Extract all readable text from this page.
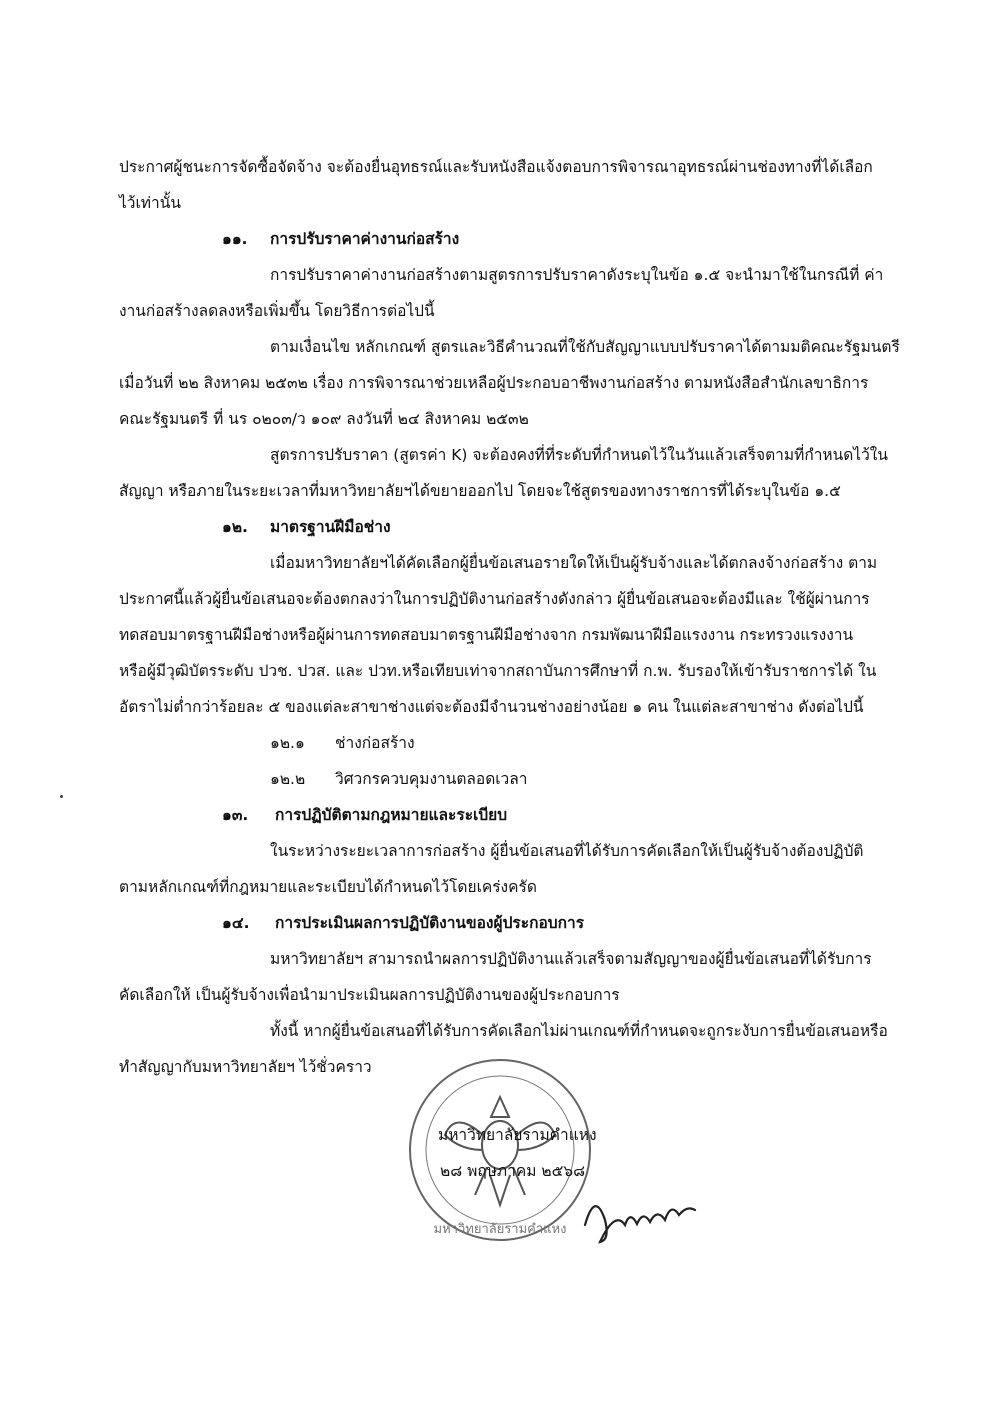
ประกาศผู้ชนะการจัดซื้อจัดจ้าง จะต้องยื่นอุทธรณ์และรับหนังสือแจ้งตอบการพิจารณาอุทธรณ์ผ่านช่องทางที่ได้เลือก
ไว้เท่านั้น
๑๑. การปรับราคาค่างานก่อสร้าง
การปรับราคาค่างานก่อสร้างตามสูตรการปรับราคาดังระบุในข้อ ๑.๕ จะนำมาใช้ในกรณีที่ ค่า
งานก่อสร้างลดลงหรือเพิ่มขึ้น โดยวิธีการต่อไปนี้
ตามเงื่อนไข หลักเกณฑ์ สูตรและวิธีคำนวณที่ใช้กับสัญญาแบบปรับราคาได้ตามมติคณะรัฐมนตรี
เมื่อวันที่ ๒๒ สิงหาคม ๒๕๓๒ เรื่อง การพิจารณาช่วยเหลือผู้ประกอบอาชีพงานก่อสร้าง ตามหนังสือสำนักเลขาธิการ
คณะรัฐมนตรี ที่ นร ๐๒๐๓/ว ๑๐๙ ลงวันที่ ๒๔ สิงหาคม ๒๕๓๒
สูตรการปรับราคา (สูตรค่า K) จะต้องคงที่ที่ระดับที่กำหนดไว้ในวันแล้วเสร็จตามที่กำหนดไว้ใน
สัญญา หรือภายในระยะเวลาที่มหาวิทยาลัยฯได้ขยายออกไป โดยจะใช้สูตรของทางราชการที่ได้ระบุในข้อ ๑.๕
๑๒. มาตรฐานฝีมือช่าง
เมื่อมหาวิทยาลัยฯได้คัดเลือกผู้ยื่นข้อเสนอรายใดให้เป็นผู้รับจ้างและได้ตกลงจ้างก่อสร้าง ตาม
ประกาศนี้แล้วผู้ยื่นข้อเสนอจะต้องตกลงว่าในการปฏิบัติงานก่อสร้างดังกล่าว ผู้ยื่นข้อเสนอจะต้องมีและ ใช้ผู้ผ่านการ
ทดสอบมาตรฐานฝีมือช่างหรือผู้ผ่านการทดสอบมาตรฐานฝีมือช่างจาก กรมพัฒนาฝีมือแรงงาน กระทรวงแรงงาน
หรือผู้มีวุฒิบัตรระดับ ปวช. ปวส. และ ปวท.หรือเทียบเท่าจากสถาบันการศึกษาที่ ก.พ. รับรองให้เข้ารับราชการได้ ใน
อัตราไม่ต่ำกว่าร้อยละ ๕ ของแต่ละสาขาช่างแต่จะต้องมีจำนวนช่างอย่างน้อย ๑ คน ในแต่ละสาขาช่าง ดังต่อไปนี้
๑๒.๑ ช่างก่อสร้าง
๑๒.๒ วิศวกรควบคุมงานตลอดเวลา
๑๓. การปฏิบัติตามกฎหมายและระเบียบ
ในระหว่างระยะเวลาการก่อสร้าง ผู้ยื่นข้อเสนอที่ได้รับการคัดเลือกให้เป็นผู้รับจ้างต้องปฏิบัติ
ตามหลักเกณฑ์ที่กฎหมายและระเบียบได้กำหนดไว้โดยเคร่งครัด
๑๔. การประเมินผลการปฏิบัติงานของผู้ประกอบการ
มหาวิทยาลัยฯ สามารถนำผลการปฏิบัติงานแล้วเสร็จตามสัญญาของผู้ยื่นข้อเสนอที่ได้รับการ
คัดเลือกให้ เป็นผู้รับจ้างเพื่อนำมาประเมินผลการปฏิบัติงานของผู้ประกอบการ
ทั้งนี้ หากผู้ยื่นข้อเสนอที่ได้รับการคัดเลือกไม่ผ่านเกณฑ์ที่กำหนดจะถูกระงับการยื่นข้อเสนอหรือ
ทำสัญญากับมหาวิทยาลัยฯ ไว้ชั่วคราว
มหาวิทยาลัยรามคำแหง
มหาวิทยาลัยรามคำแหง
๒๘ พฤษภาคม ๒๕๖๘
